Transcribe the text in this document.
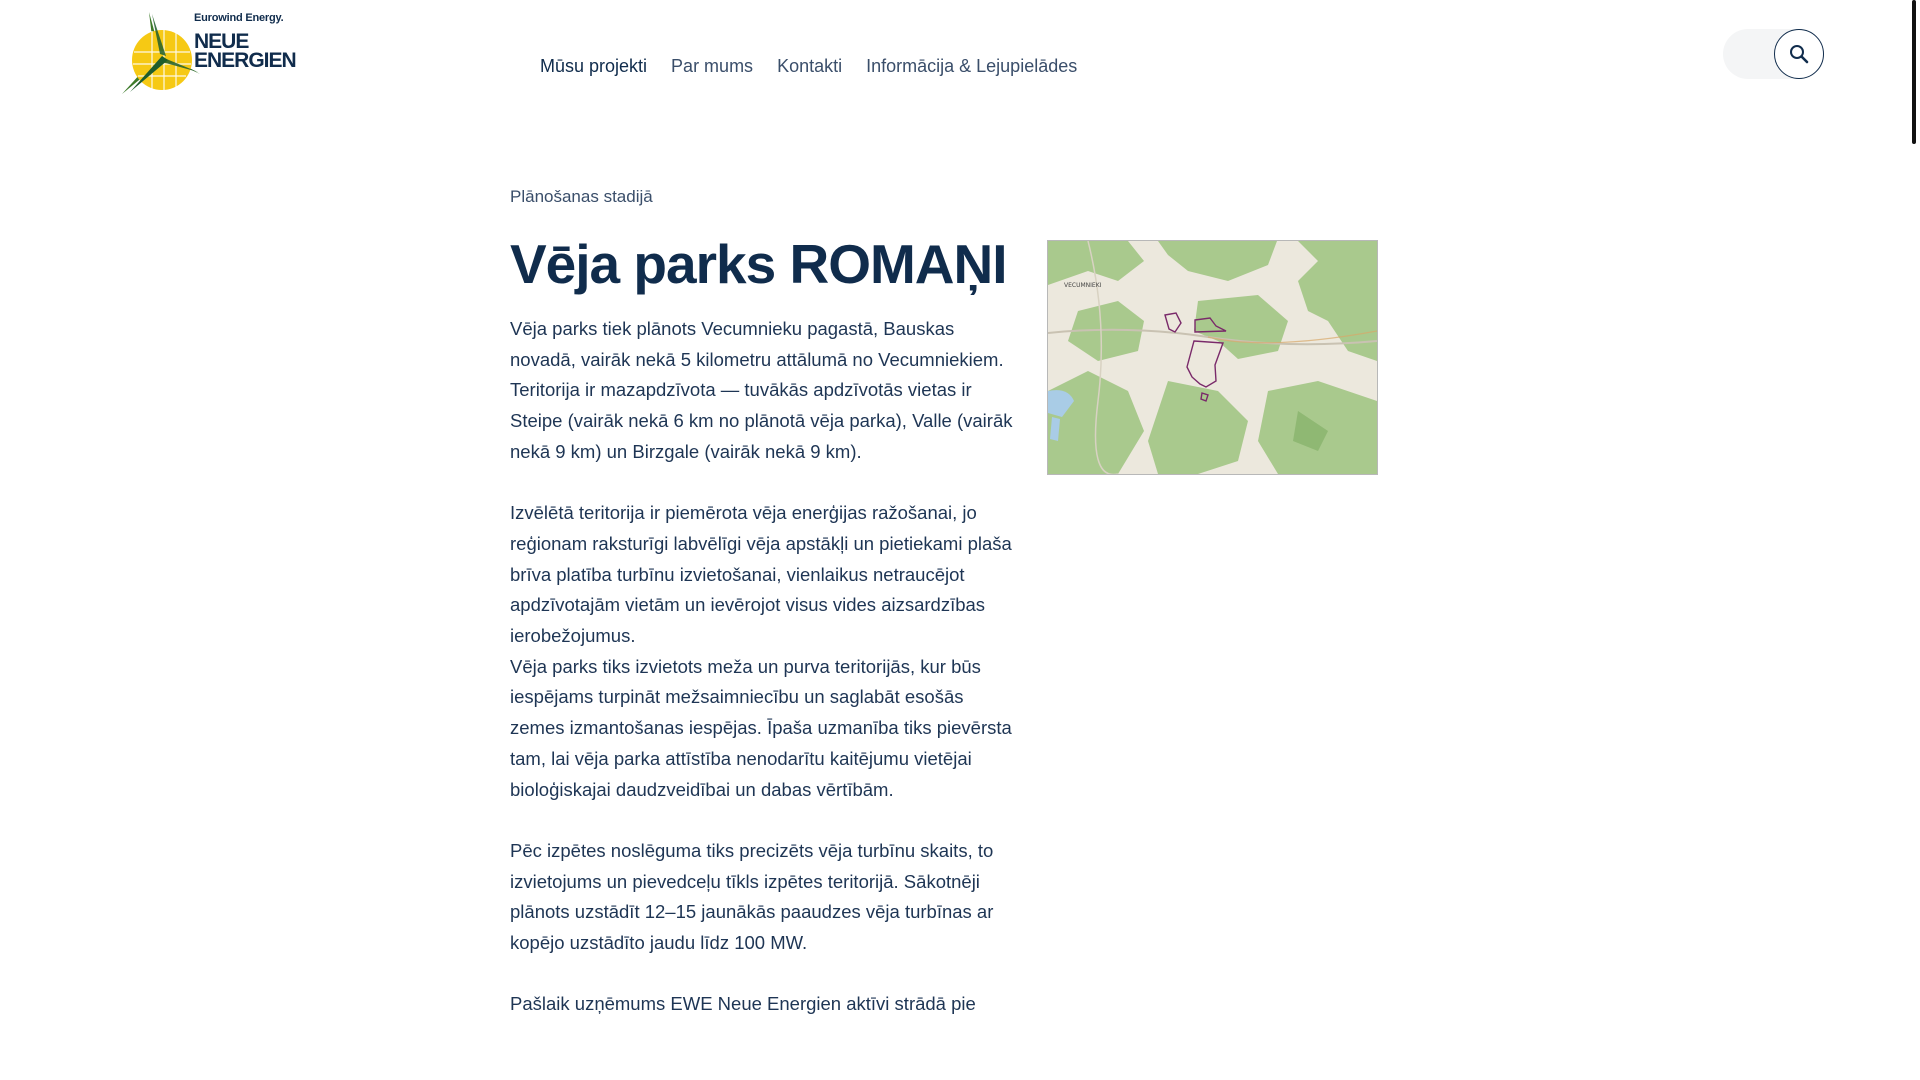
Eurowind Energy.
NEUE
ENERGIEN	Mūsu projekti Par mums Kontakti Informācija & Lejupielādes
Plānošanas stadijā
Vēja parks ROMAŅI

Vēja parks tiek plānots Vecumnieku pagastā, Bauskas novadā, vairāk nekā 5 kilometru attālumā no Vecumniekiem. Teritorija ir mazapdzīvota — tuvākās apdzīvotās vietas ir Steipe (vairāk nekā 6 km no plānotā vēja parka), Valle (vairāk nekā 9 km) un Birzgale (vairāk nekā 9 km).

Izvēlētā teritorija ir piemērota vēja enerģijas ražošanai, jo reģionam raksturīgi labvēlīgi vēja apstākļi un pietiekami plaša brīva platība turbīnu izvietošanai, vienlaikus netraucējot apdzīvotajām vietām un ievērojot visus vides aizsardzības ierobežojumus.

Vēja parks tiks izvietots meža un purva teritorijās, kur būs iespējams turpināt mežsaimniecību un saglabāt esošās zemes izmantošanas iespējas. Īpaša uzmanība tiks pievērsta tam, lai vēja parka attīstība nenodarītu kaitējumu vietējai bioloģiskajai daudzveidībai un dabas vērtībām.

Pēc izpētes noslēguma tiks precizēts vēja turbīnu skaits, to izvietojums un pievedceļu tīkls izpētes teritorijā. Sākotnēji plānots uzstādīt 12–15 jaunākās paaudzes vēja turbīnas ar kopējo uzstādīto jaudu līdz 100 MW.

Pašlaik uzņēmums EWE Neue Energien aktīvi strādā pie

VECUMNIEKI
